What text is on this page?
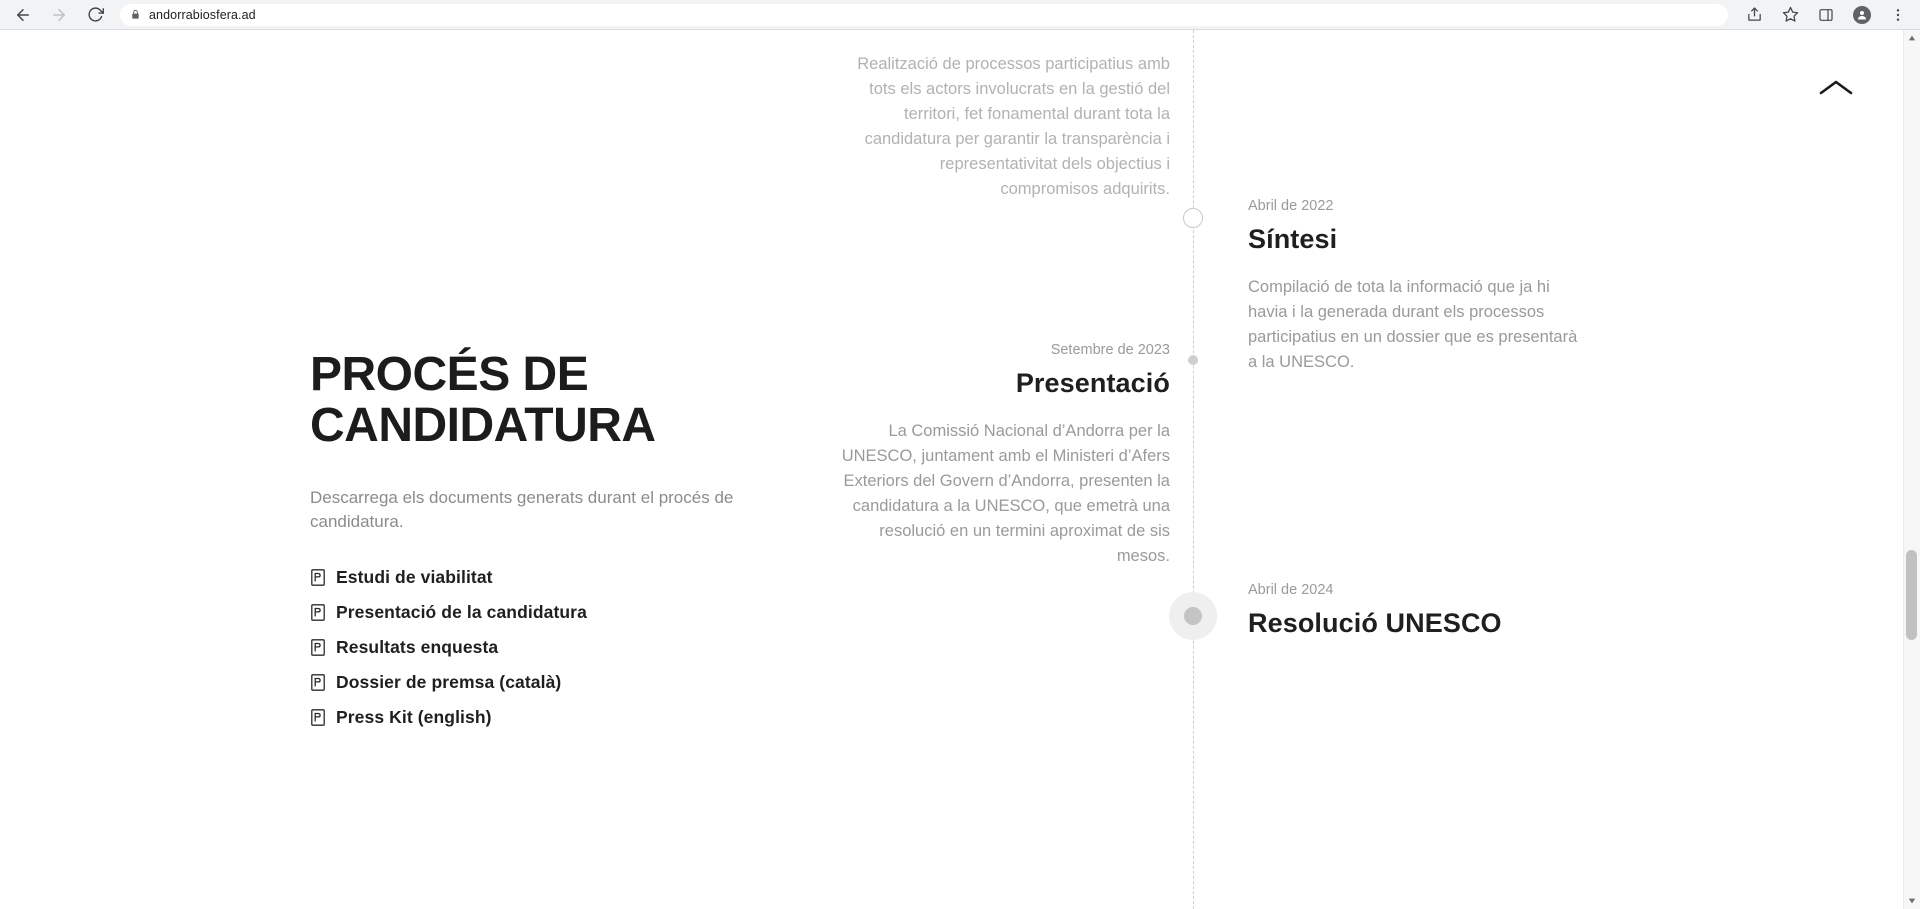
andorrabiosfera.ad
PROCÉS DE CANDIDATURA

Descarrega els documents generats durant el procés de candidatura.

Estudi de viabilitat
Presentació de la candidatura
Resultats enquesta
Dossier de premsa (català)
Press Kit (english)

Realització de processos participatius amb tots els actors involucrats en la gestió del territori, fet fonamental durant tota la candidatura per garantir la transparència i representativitat dels objectius i compromisos adquirits.

Abril de 2022
Síntesi

Compilació de tota la informació que ja hi havia i la generada durant els processos participatius en un dossier que es presentarà a la UNESCO.

Setembre de 2023
Presentació

La Comissió Nacional d’Andorra per la UNESCO, juntament amb el Ministeri d’Afers Exteriors del Govern d’Andorra, presenten la candidatura a la UNESCO, que emetrà una resolució en un termini aproximat de sis mesos.

Abril de 2024
Resolució UNESCO
